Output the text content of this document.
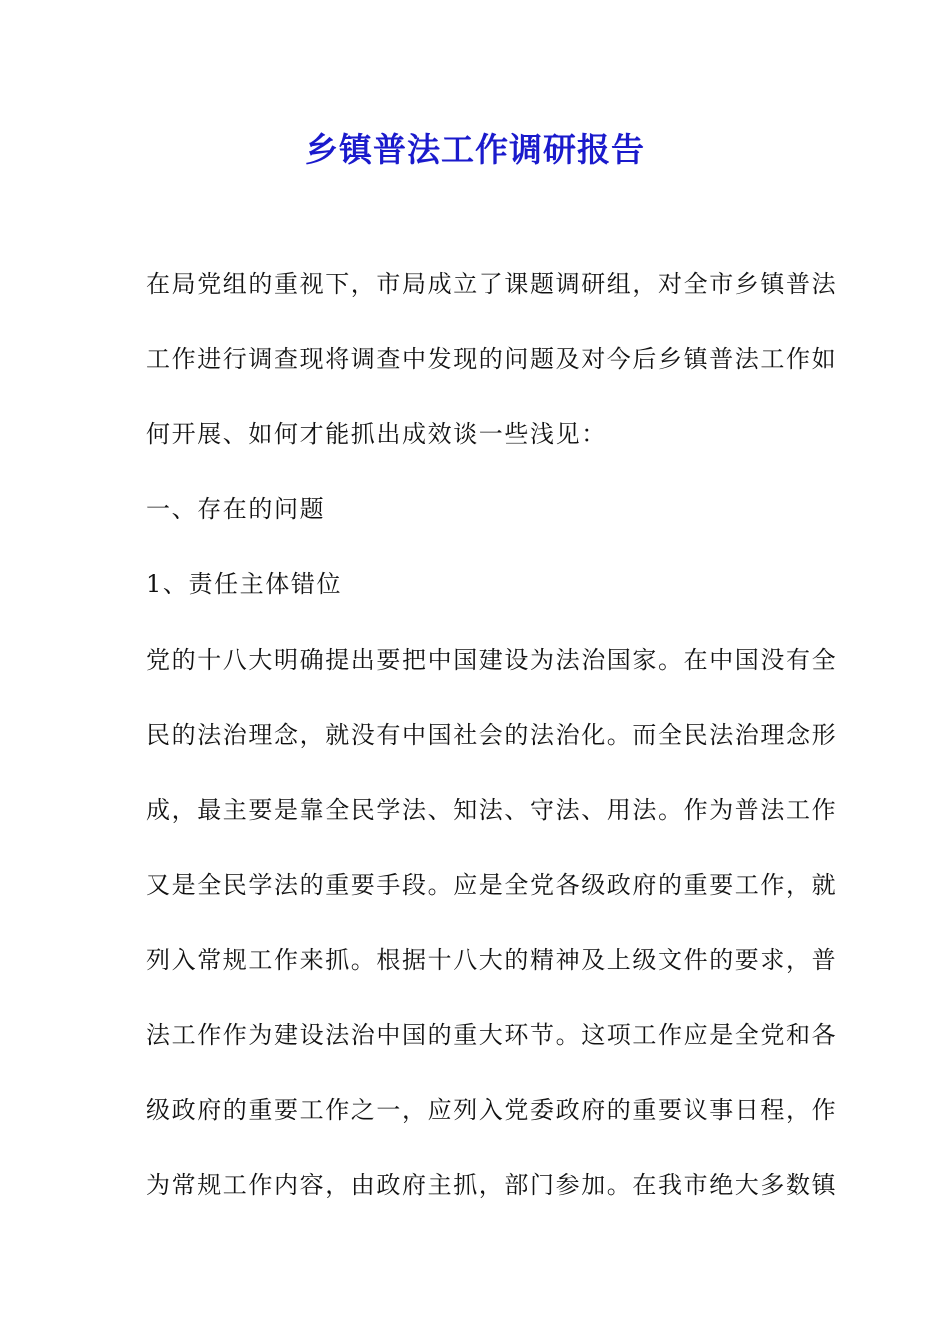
乡镇普法工作调研报告
在局党组的重视下，市局成立了课题调研组，对全市乡镇普法
工作进行调查现将调查中发现的问题及对今后乡镇普法工作如
何开展、如何才能抓出成效谈一些浅见：
一、存在的问题
1、责任主体错位
党的十八大明确提出要把中国建设为法治国家。在中国没有全
民的法治理念，就没有中国社会的法治化。而全民法治理念形
成，最主要是靠全民学法、知法、守法、用法。作为普法工作
又是全民学法的重要手段。应是全党各级政府的重要工作，就
列入常规工作来抓。根据十八大的精神及上级文件的要求，普
法工作作为建设法治中国的重大环节。这项工作应是全党和各
级政府的重要工作之一，应列入党委政府的重要议事日程，作
为常规工作内容，由政府主抓，部门参加。在我市绝大多数镇
